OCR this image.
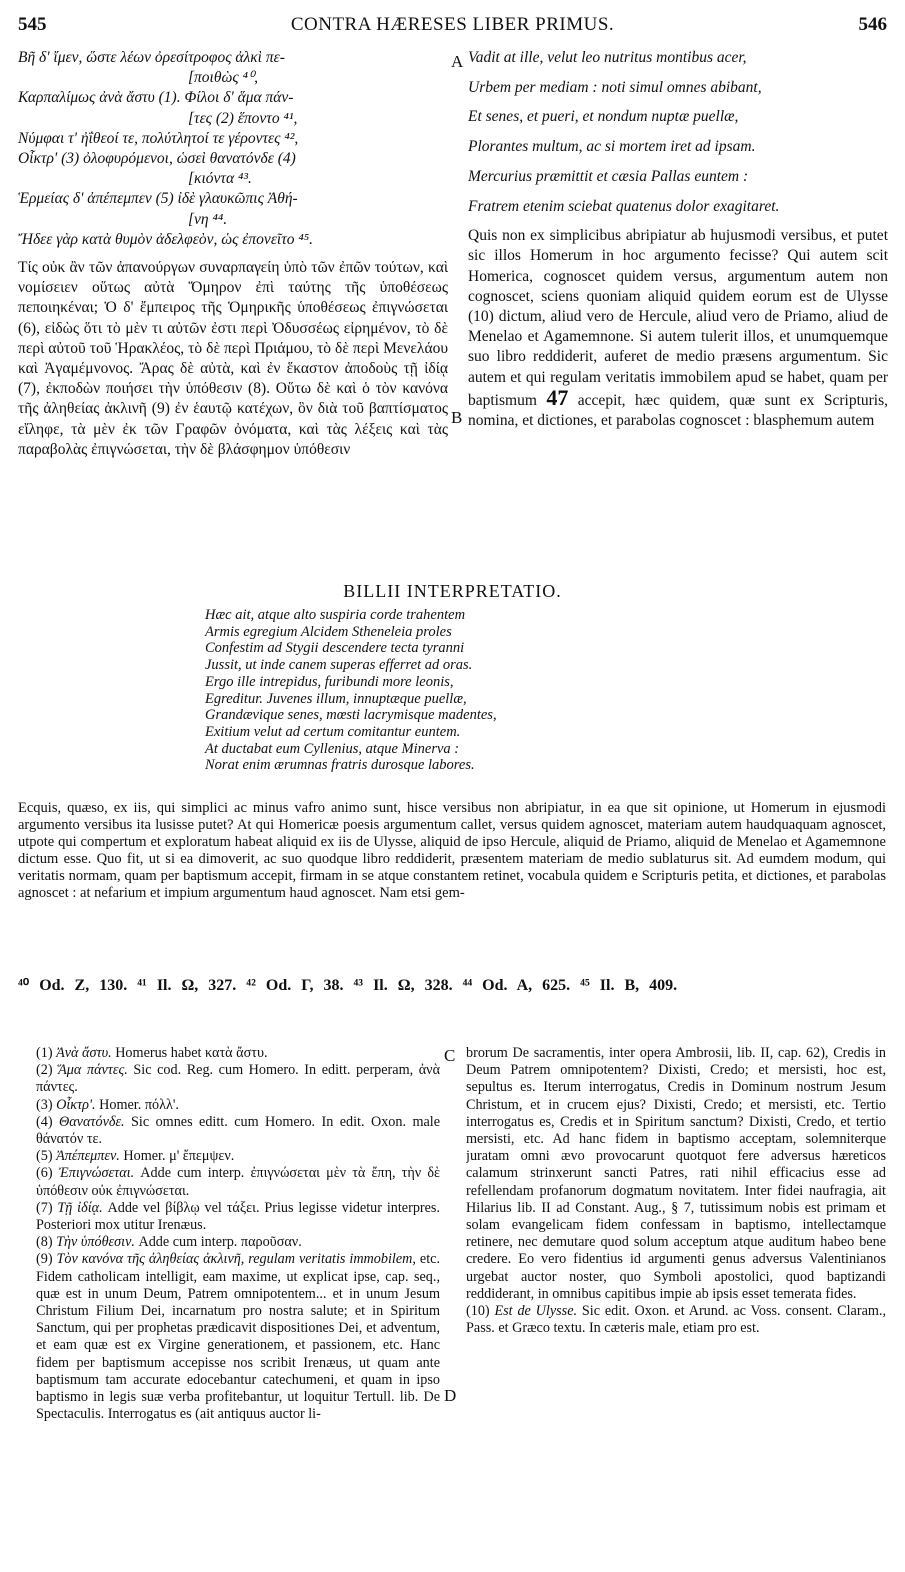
545	CONTRA HÆRESES LIBER PRIMUS.	546
Βῆ δ' ἴμεν, ὥστε λέων ὀρεσίτροφος ἀλκὶ πε-
[ποιθὼς ⁴⁰,
Καρπαλίμως ἀνὰ ἄστυ (1). Φίλοι δ' ἅμα πάν-
[τες (2) ἕποντο ⁴¹,
Νύμφαι τ' ἠΐθεοί τε, πολύτλητοί τε γέροντες ⁴²,
Οἶκτρ' (3) ὀλοφυρόμενοι, ὡσεὶ θανατόνδε (4)
[κιόντα ⁴³.
Ἑρμείας δ' ἀπέπεμπεν (5) ἰδὲ γλαυκῶπις Ἀθή-
[νη ⁴⁴.
Ἤδεε γὰρ κατὰ θυμὸν ἀδελφεὸν, ὡς ἐπονεῖτο ⁴⁵.
Τίς οὐκ ἂν τῶν ἀπανούργων συναρπαγείη ὑπὸ τῶν ἐπῶν τούτων, καὶ νομίσειεν οὕτως αὐτὰ Ὅμηρον ἐπὶ ταύτης τῆς ὑποθέσεως πεποιηκέναι; Ὁ δ' ἔμπειρος τῆς Ὁμηρικῆς ὑποθέσεως ἐπιγνώσεται (6), εἰδὼς ὅτι τὸ μὲν τι αὐτῶν ἐστι περὶ Ὀδυσσέως εἰρημένον, τὸ δὲ περὶ αὐτοῦ τοῦ Ἡρακλέος, τὸ δὲ περὶ Πριάμου, τὸ δὲ περὶ Μενελάου καὶ Ἀγαμέμνονος. Ἄρας δὲ αὐτὰ, καὶ ἐν ἕκαστον ἀποδοὺς τῇ ἰδίᾳ (7), ἐκποδὼν ποιήσει τὴν ὑπόθεσιν (8). Οὕτω δὲ καὶ ὁ τὸν κανόνα τῆς ἀληθείας ἀκλινῆ (9) ἐν ἑαυτῷ κατέχων, ὃν διὰ τοῦ βαπτίσματος εἴληφε, τὰ μὲν ἐκ τῶν Γραφῶν ὀνόματα, καὶ τὰς λέξεις καὶ τὰς παραβολὰς ἐπιγνώσεται, τὴν δὲ βλάσφημον ὑπόθεσιν
A
B
C
D
Vadit at ille, velut leo nutritus montibus acer,
Urbem per mediam : noti simul omnes abibant,
Et senes, et pueri, et nondum nuptæ puellæ,
Plorantes multum, ac si mortem iret ad ipsam.
Mercurius præmittit et cæsia Pallas euntem :
Fratrem etenim sciebat quatenus dolor exagitaret.
Quis non ex simplicibus abripiatur ab hujusmodi versibus, et putet sic illos Homerum in hoc argumento fecisse? Qui autem scit Homerica, cognoscet quidem versus, argumentum autem non cognoscet, sciens quoniam aliquid quidem eorum est de Ulysse (10) dictum, aliud vero de Hercule, aliud vero de Priamo, aliud de Menelao et Agamemnone. Si autem tulerit illos, et unumquemque suo libro reddiderit, auferet de medio præsens argumentum. Sic autem et qui regulam veritatis immobilem apud se habet, quam per baptismum 47 accepit, hæc quidem, quæ sunt ex Scripturis, nomina, et dictiones, et parabolas cognoscet : blasphemum autem
BILLII INTERPRETATIO.
Hæc ait, atque alto suspiria corde trahentem
Armis egregium Alcidem Stheneleia proles
Confestim ad Stygii descendere tecta tyranni
Jussit, ut inde canem superas efferret ad oras.
Ergo ille intrepidus, furibundi more leonis,
Egreditur. Juvenes illum, innuptæque puellæ,
Grandævique senes, mœsti lacrymisque madentes,
Exitium velut ad certum comitantur euntem.
At ductabat eum Cyllenius, atque Minerva :
Norat enim ærumnas fratris durosque labores.
Ecquis, quæso, ex iis, qui simplici ac minus vafro animo sunt, hisce versibus non abripiatur, in ea que sit opinione, ut Homerum in ejusmodi argumento versibus ita lusisse putet? At qui Homericæ poesis argumentum callet, versus quidem agnoscet, materiam autem haudquaquam agnoscet, utpote qui compertum et exploratum habeat aliquid ex iis de Ulysse, aliquid de ipso Hercule, aliquid de Priamo, aliquid de Menelao et Agamemnone dictum esse. Quo fit, ut si ea dimoverit, ac suo quodque libro reddiderit, præsentem materiam de medio sublaturus sit. Ad eumdem modum, qui veritatis normam, quam per baptismum accepit, firmam in se atque constantem retinet, vocabula quidem e Scripturis petita, et dictiones, et parabolas agnoscet : at nefarium et impium argumentum haud agnoscet. Nam etsi gem-
⁴⁰ Od. Z, 130. ⁴¹ Il. Ω, 327. ⁴² Od. Γ, 38. ⁴³ Il. Ω, 328. ⁴⁴ Od. A, 625. ⁴⁵ Il. B, 409.
(1) Ἀνὰ ἄστυ. Homerus habet κατὰ ἄστυ.
(2) Ἅμα πάντες. Sic cod. Reg. cum Homero. In editt. perperam, ἀνὰ πάντες.
(3) Οἶκτρ'. Homer. πόλλ'.
(4) Θανατόνδε. Sic omnes editt. cum Homero. In edit. Oxon. male θάνατόν τε.
(5) Ἀπέπεμπεν. Homer. μ' ἔπεμψεν.
(6) Ἐπιγνώσεται. Adde cum interp. ἐπιγνώσεται μὲν τὰ ἔπη, τὴν δὲ ὑπόθεσιν οὐκ ἐπιγνώσεται.
(7) Τῇ ἰδίᾳ. Adde vel βίβλῳ vel τάξει. Prius legisse videtur interpres. Posteriori mox utitur Irenæus.
(8) Τὴν ὑπόθεσιν. Adde cum interp. παροῦσαν.
(9) Τὸν κανόνα τῆς ἀληθείας ἀκλινῆ, regulam veritatis immobilem, etc. Fidem catholicam intelligit, eam maxime, ut explicat ipse, cap. seq., quæ est in unum Deum, Patrem omnipotentem... et in unum Jesum Christum Filium Dei, incarnatum pro nostra salute; et in Spiritum Sanctum, qui per prophetas prædicavit dispositiones Dei, et adventum, et eam quæ est ex Virgine generationem, et passionem, etc. Hanc fidem per baptismum accepisse nos scribit Irenæus, ut quam ante baptismum tam accurate edocebantur catechumeni, et quam in ipso baptismo in legis suæ verba profitebantur, ut loquitur Tertull. lib. De Spectaculis. Interrogatus es (ait antiquus auctor li-
brorum De sacramentis, inter opera Ambrosii, lib. II, cap. 62), Credis in Deum Patrem omnipotentem? Dixisti, Credo; et mersisti, hoc est, sepultus es. Iterum interrogatus, Credis in Dominum nostrum Jesum Christum, et in crucem ejus? Dixisti, Credo; et mersisti, etc. Tertio interrogatus es, Credis et in Spiritum sanctum? Dixisti, Credo, et tertio mersisti, etc. Ad hanc fidem in baptismo acceptam, solemniterque juratam omni ævo provocarunt quotquot fere adversus hæreticos calamum strinxerunt sancti Patres, rati nihil efficacius esse ad refellendam profanorum dogmatum novitatem. Inter fidei naufragia, ait Hilarius lib. II ad Constant. Aug., § 7, tutissimum nobis est primam et solam evangelicam fidem confessam in baptismo, intellectamque retinere, nec demutare quod solum acceptum atque auditum habeo bene credere. Eo vero fidentius id argumenti genus adversus Valentinianos urgebat auctor noster, quo Symboli apostolici, quod baptizandi reddiderant, in omnibus capitibus impie ab ipsis esset temerata fides.
(10) Est de Ulysse. Sic edit. Oxon. et Arund. ac Voss. consent. Claram., Pass. et Græco textu. In cæteris male, etiam pro est.
